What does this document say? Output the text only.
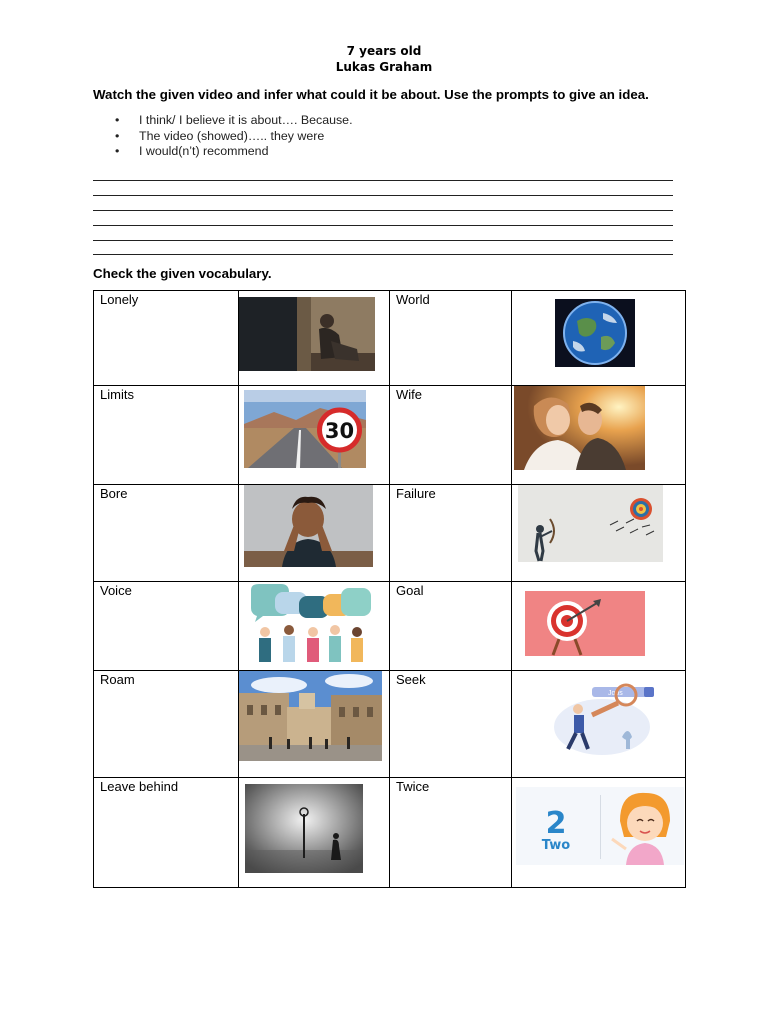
7 years old
Lukas Graham
Watch the given video and infer what could it be about. Use the prompts to give an idea.
• I think/ I believe it is about…. Because.
• The video (showed)….. they were
• I would(n’t) recommend
Check the given vocabulary.
Lonely		World

Limits	30	Wife

Bore		Failure

Voice		Goal

Roam		Seek	Jobs

Leave behind		Twice	2
Two
